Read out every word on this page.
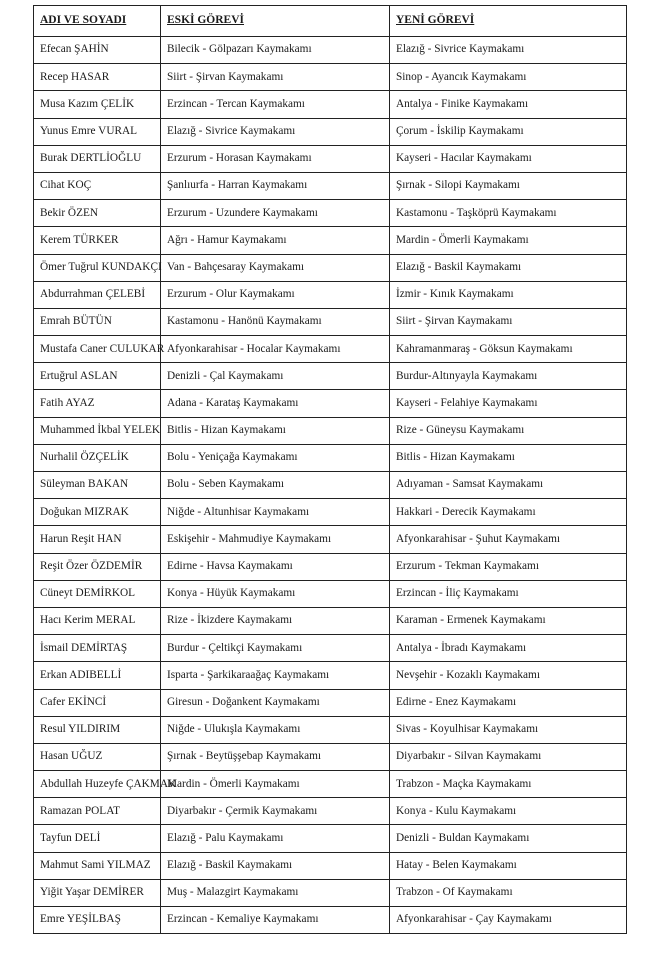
ADI VE SOYADI	ESKİ GÖREVİ	YENİ GÖREVİ
Efecan ŞAHİN	Bilecik - Gölpazarı Kaymakamı	Elazığ - Sivrice Kaymakamı
Recep HASAR	Siirt - Şirvan Kaymakamı	Sinop - Ayancık Kaymakamı
Musa Kazım ÇELİK	Erzincan - Tercan Kaymakamı	Antalya - Finike Kaymakamı
Yunus Emre VURAL	Elazığ - Sivrice Kaymakamı	Çorum - İskilip Kaymakamı
Burak DERTLİOĞLU	Erzurum - Horasan Kaymakamı	Kayseri - Hacılar Kaymakamı
Cihat KOÇ	Şanlıurfa - Harran Kaymakamı	Şırnak - Silopi Kaymakamı
Bekir ÖZEN	Erzurum - Uzundere Kaymakamı	Kastamonu - Taşköprü Kaymakamı
Kerem TÜRKER	Ağrı - Hamur Kaymakamı	Mardin - Ömerli Kaymakamı
Ömer Tuğrul KUNDAKÇI	Van - Bahçesaray Kaymakamı	Elazığ - Baskil Kaymakamı
Abdurrahman ÇELEBİ	Erzurum - Olur Kaymakamı	İzmir - Kınık Kaymakamı
Emrah BÜTÜN	Kastamonu - Hanönü Kaymakamı	Siirt - Şirvan Kaymakamı
Mustafa Caner CULUKAR	Afyonkarahisar - Hocalar Kaymakamı	Kahramanmaraş - Göksun Kaymakamı
Ertuğrul ASLAN	Denizli - Çal Kaymakamı	Burdur-Altınyayla Kaymakamı
Fatih AYAZ	Adana - Karataş Kaymakamı	Kayseri - Felahiye Kaymakamı
Muhammed İkbal YELEK	Bitlis - Hizan Kaymakamı	Rize - Güneysu Kaymakamı
Nurhalil ÖZÇELİK	Bolu - Yeniçağa Kaymakamı	Bitlis - Hizan Kaymakamı
Süleyman BAKAN	Bolu - Seben Kaymakamı	Adıyaman - Samsat Kaymakamı
Doğukan MIZRAK	Niğde - Altunhisar Kaymakamı	Hakkari - Derecik Kaymakamı
Harun Reşit HAN	Eskişehir - Mahmudiye Kaymakamı	Afyonkarahisar - Şuhut Kaymakamı
Reşit Özer ÖZDEMİR	Edirne - Havsa Kaymakamı	Erzurum - Tekman Kaymakamı
Cüneyt DEMİRKOL	Konya - Hüyük Kaymakamı	Erzincan - İliç Kaymakamı
Hacı Kerim MERAL	Rize - İkizdere Kaymakamı	Karaman - Ermenek Kaymakamı
İsmail DEMİRTAŞ	Burdur - Çeltikçi Kaymakamı	Antalya - İbradı Kaymakamı
Erkan ADIBELLİ	Isparta - Şarkikaraağaç Kaymakamı	Nevşehir - Kozaklı Kaymakamı
Cafer EKİNCİ	Giresun - Doğankent Kaymakamı	Edirne - Enez Kaymakamı
Resul YILDIRIM	Niğde - Ulukışla Kaymakamı	Sivas - Koyulhisar Kaymakamı
Hasan UĞUZ	Şırnak - Beytüşşebap Kaymakamı	Diyarbakır - Silvan Kaymakamı
Abdullah Huzeyfe ÇAKMAK	Mardin - Ömerli Kaymakamı	Trabzon - Maçka Kaymakamı
Ramazan POLAT	Diyarbakır - Çermik Kaymakamı	Konya - Kulu Kaymakamı
Tayfun DELİ	Elazığ - Palu Kaymakamı	Denizli - Buldan Kaymakamı
Mahmut Sami YILMAZ	Elazığ - Baskil Kaymakamı	Hatay - Belen Kaymakamı
Yiğit Yaşar DEMİRER	Muş - Malazgirt Kaymakamı	Trabzon - Of Kaymakamı
Emre YEŞİLBAŞ	Erzincan - Kemaliye Kaymakamı	Afyonkarahisar - Çay Kaymakamı
